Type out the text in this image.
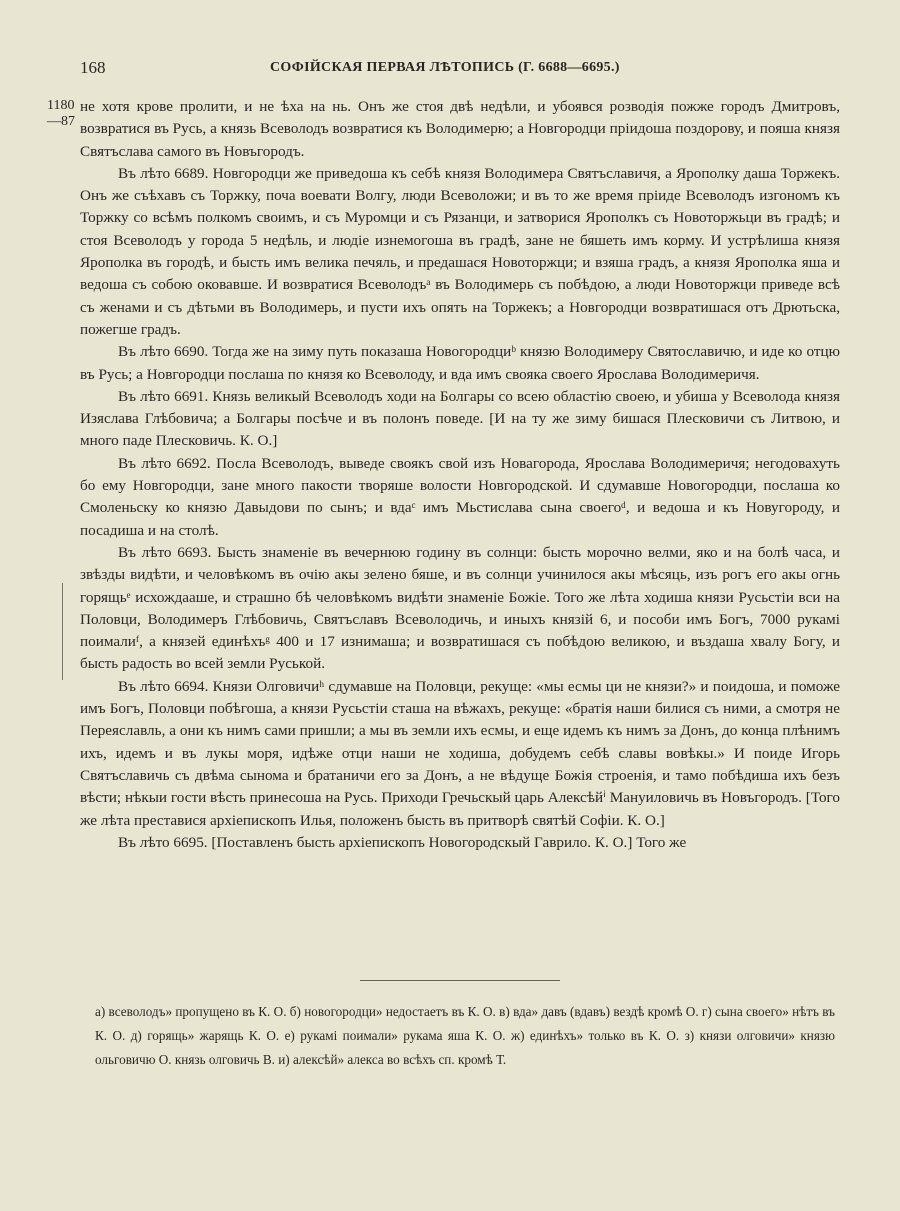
168	СОФІЙСКАЯ ПЕРВАЯ ЛѢТОПИСЬ (Г. 6688—6695.)
1180
—87

не хотя крове пролити, и не ѣха на нь. Онъ же стоя двѣ недѣли, и убоявся розводія пожже городъ Дмитровъ, возвратися въ Русь, а князь Всеволодъ возвратися къ Володимерю; а Новгородци пріидоша поздорову, и пояша князя Святъслава самого въ Новъгородъ.

Въ лѣто 6689. Новгородци же приведоша къ себѣ князя Володимера Святъславичя, а Ярополку даша Торжекъ. Онъ же съѣхавъ съ Торжку, поча воевати Волгу, люди Всеволожи; и въ то же время пріиде Всеволодъ изгономъ къ Торжку со всѣмъ полкомъ своимъ, и съ Муромци и съ Рязанци, и затворися Ярополкъ съ Новоторжьци въ градѣ; и стоя Всеволодъ у города 5 недѣль, и людіе изнемогоша въ градѣ, зане не бяшеть имъ корму. И устрѣлиша князя Ярополка въ городѣ, и бысть имъ велика печяль, и предашася Новоторжци; и взяша градъ, а князя Ярополка яша и ведоша съ собою оковавше. И возвратися Всеволодъᵃ въ Володимерь съ побѣдою, а люди Новоторжци приведе всѣ съ женами и съ дѣтьми въ Володимерь, и пусти ихъ опять на Торжекъ; а Новгородци возвратишася отъ Дрютьска, пожегше градъ.

Въ лѣто 6690. Тогда же на зиму путь показаша Новогородциᵇ князю Володимеру Святославичю, и иде ко отцю въ Русь; а Новгородци послаша по князя ко Всеволоду, и вда имъ свояка своего Ярослава Володимеричя.

Въ лѣто 6691. Князь великый Всеволодъ ходи на Болгары со всею областію своею, и убиша у Всеволода князя Изяслава Глѣбовича; а Болгары посѣче и въ полонъ поведе. [И на ту же зиму бишася Плесковичи съ Литвою, и много паде Плесковичь. К. О.]

Въ лѣто 6692. Посла Всеволодъ, выведе своякъ свой изъ Новагорода, Ярослава Володимеричя; негодовахуть бо ему Новгородци, зане много пакости творяше волости Новгородской. И сдумавше Новогородци, послаша ко Смоленьску ко князю Давыдови по сынъ; и вдаᶜ имъ Мьстислава сына своегоᵈ, и ведоша и къ Новугороду, и посадиша и на столѣ.

Въ лѣто 6693. Бысть знаменіе въ вечернюю годину въ солнци: бысть морочно велми, яко и на болѣ часа, и звѣзды видѣти, и человѣкомъ въ очію акы зелено бяше, и въ солнци учинилося акы мѣсяць, изъ рогъ его акы огнь горящьᵉ исхождааше, и страшно бѣ человѣкомъ видѣти знаменіе Божіе. Того же лѣта ходиша князи Русьстіи вси на Половци, Володимеръ Глѣбовичь, Святъславъ Всеволодичь, и иныхъ князій 6, и пособи имъ Богъ, 7000 рукамі поималиᶠ, а князей единѣхъᵍ 400 и 17 изнимаша; и возвратишася съ побѣдою великою, и въздаша хвалу Богу, и бысть радость во всей земли Руськой.

Въ лѣто 6694. Князи Олговичиʰ сдумавше на Половци, рекуще: «мы есмы ци не князи?» и поидоша, и поможе имъ Богъ, Половци побѣгоша, а князи Русьстіи сташа на вѣжахъ, рекуще: «братія наши билися съ ними, а смотря не Переяславль, а они къ нимъ сами пришли; а мы въ земли ихъ есмы, и еще идемъ къ нимъ за Донъ, до конца плѣнимъ ихъ, идемъ и въ лукы моря, идѣже отци наши не ходиша, добудемъ себѣ славы вовѣкы.» И поиде Игорь Святъславичь съ двѣма сынома и братаничи его за Донъ, а не вѣдуще Божія строенія, и тамо побѣдиша ихъ безъ вѣсти; нѣкыи гости вѣсть принесоша на Русь. Приходи Гречьскый царь Алексѣйⁱ Мануиловичь въ Новъгородъ. [Того же лѣта преставися архіепископъ Илья, положенъ бысть въ притворѣ святѣй Софіи. К. О.]

Въ лѣто 6695. [Поставленъ бысть архіепископъ Новогородскый Гаврило. К. О.] Того же

а) всеволодъ» пропущено въ К. О. б) новогородци» недостаетъ въ К. О. в) вда» давъ (вдавъ) вездѣ кромѣ О. г) сына своего» нѣтъ въ К. О. д) горящь» жарящь К. О. е) рукамі поимали» рукама яша К. О. ж) единѣхъ» только въ К. О. з) князи олговичи» князю ольговичю О. князь олговичь В. и) алексѣй» алекса во всѣхъ сп. кромѣ Т.
